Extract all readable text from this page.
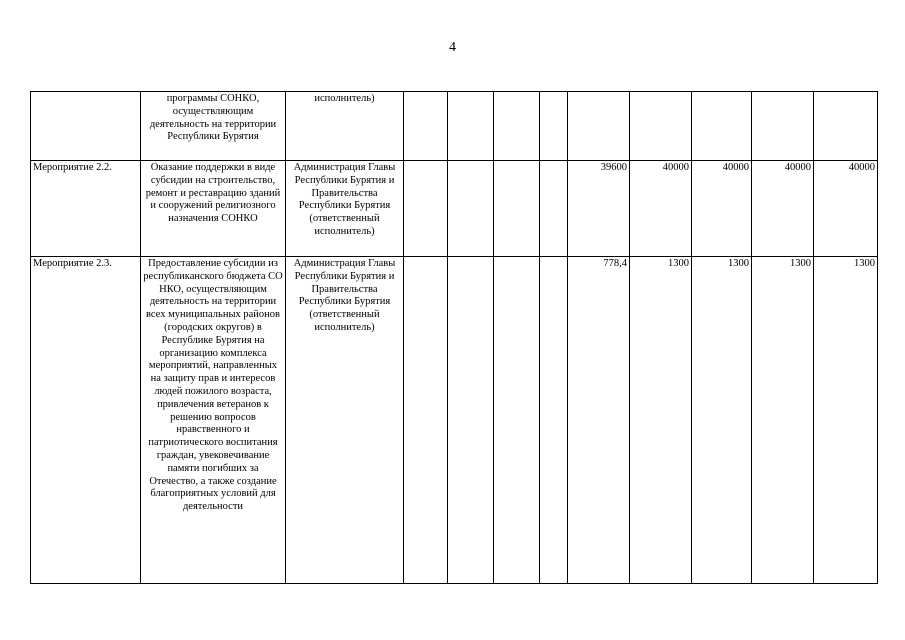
4
	программы СОНКО, осуществляющим деятельность на территории Республики Бурятия	исполнитель)									
Мероприятие 2.2.	Оказание поддержки в виде субсидии на строительство, ремонт и реставрацию зданий и сооружений религиозного назначения СОНКО	Администрация Главы Республики Бурятия и Правительства Республики Бурятия (ответственный исполнитель)					39600	40000	40000	40000	40000
Мероприятие 2.3.	Предоставление субсидии из республиканского бюджета СО НКО, осуществляющим деятельность на территории всех муниципальных районов (городских округов) в Республике Бурятия на организацию комплекса мероприятий, направленных на защиту прав и интересов людей пожилого возраста, привлечения ветеранов к решению вопросов нравственного и патриотического воспитания граждан, увековечивание памяти погибших за Отечество, а также создание благоприятных условий для деятельности	Администрация Главы Республики Бурятия и Правительства Республики Бурятия (ответственный исполнитель)					778,4	1300	1300	1300	1300
